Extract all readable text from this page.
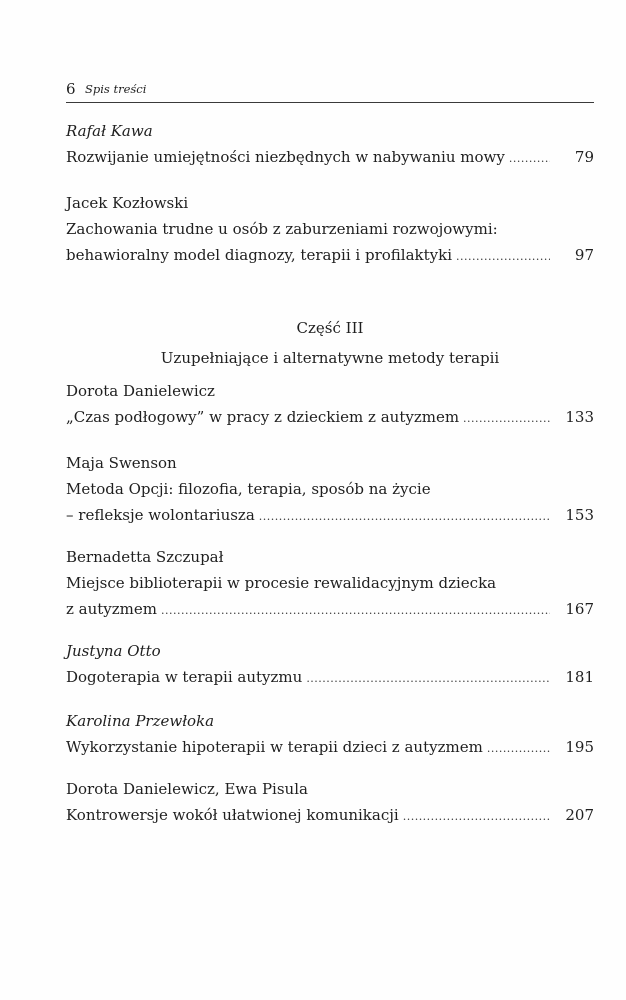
6 Spis treści
Rafał Kawa
Rozwijanie umiejętności niezbędnych w nabywaniu mowy .....	79
Jacek Kozłowski
Zachowania trudne u osób z zaburzeniami rozwojowymi:
behawioralny model diagnozy, terapii i profilaktyki .....	97
Część III
Uzupełniające i alternatywne metody terapii
Dorota Danielewicz
„Czas podłogowy” w pracy z dzieckiem z autyzmem .....	133
Maja Swenson
Metoda Opcji: filozofia, terapia, sposób na życie
– refleksje wolontariusza .....	153
Bernadetta Szczupał
Miejsce biblioterapii w procesie rewalidacyjnym dziecka
z autyzmem .....	167
Justyna Otto
Dogoterapia w terapii autyzmu .....	181
Karolina Przewłoka
Wykorzystanie hipoterapii w terapii dzieci z autyzmem .....	195
Dorota Danielewicz, Ewa Pisula
Kontrowersje wokół ułatwionej komunikacji .....	207
